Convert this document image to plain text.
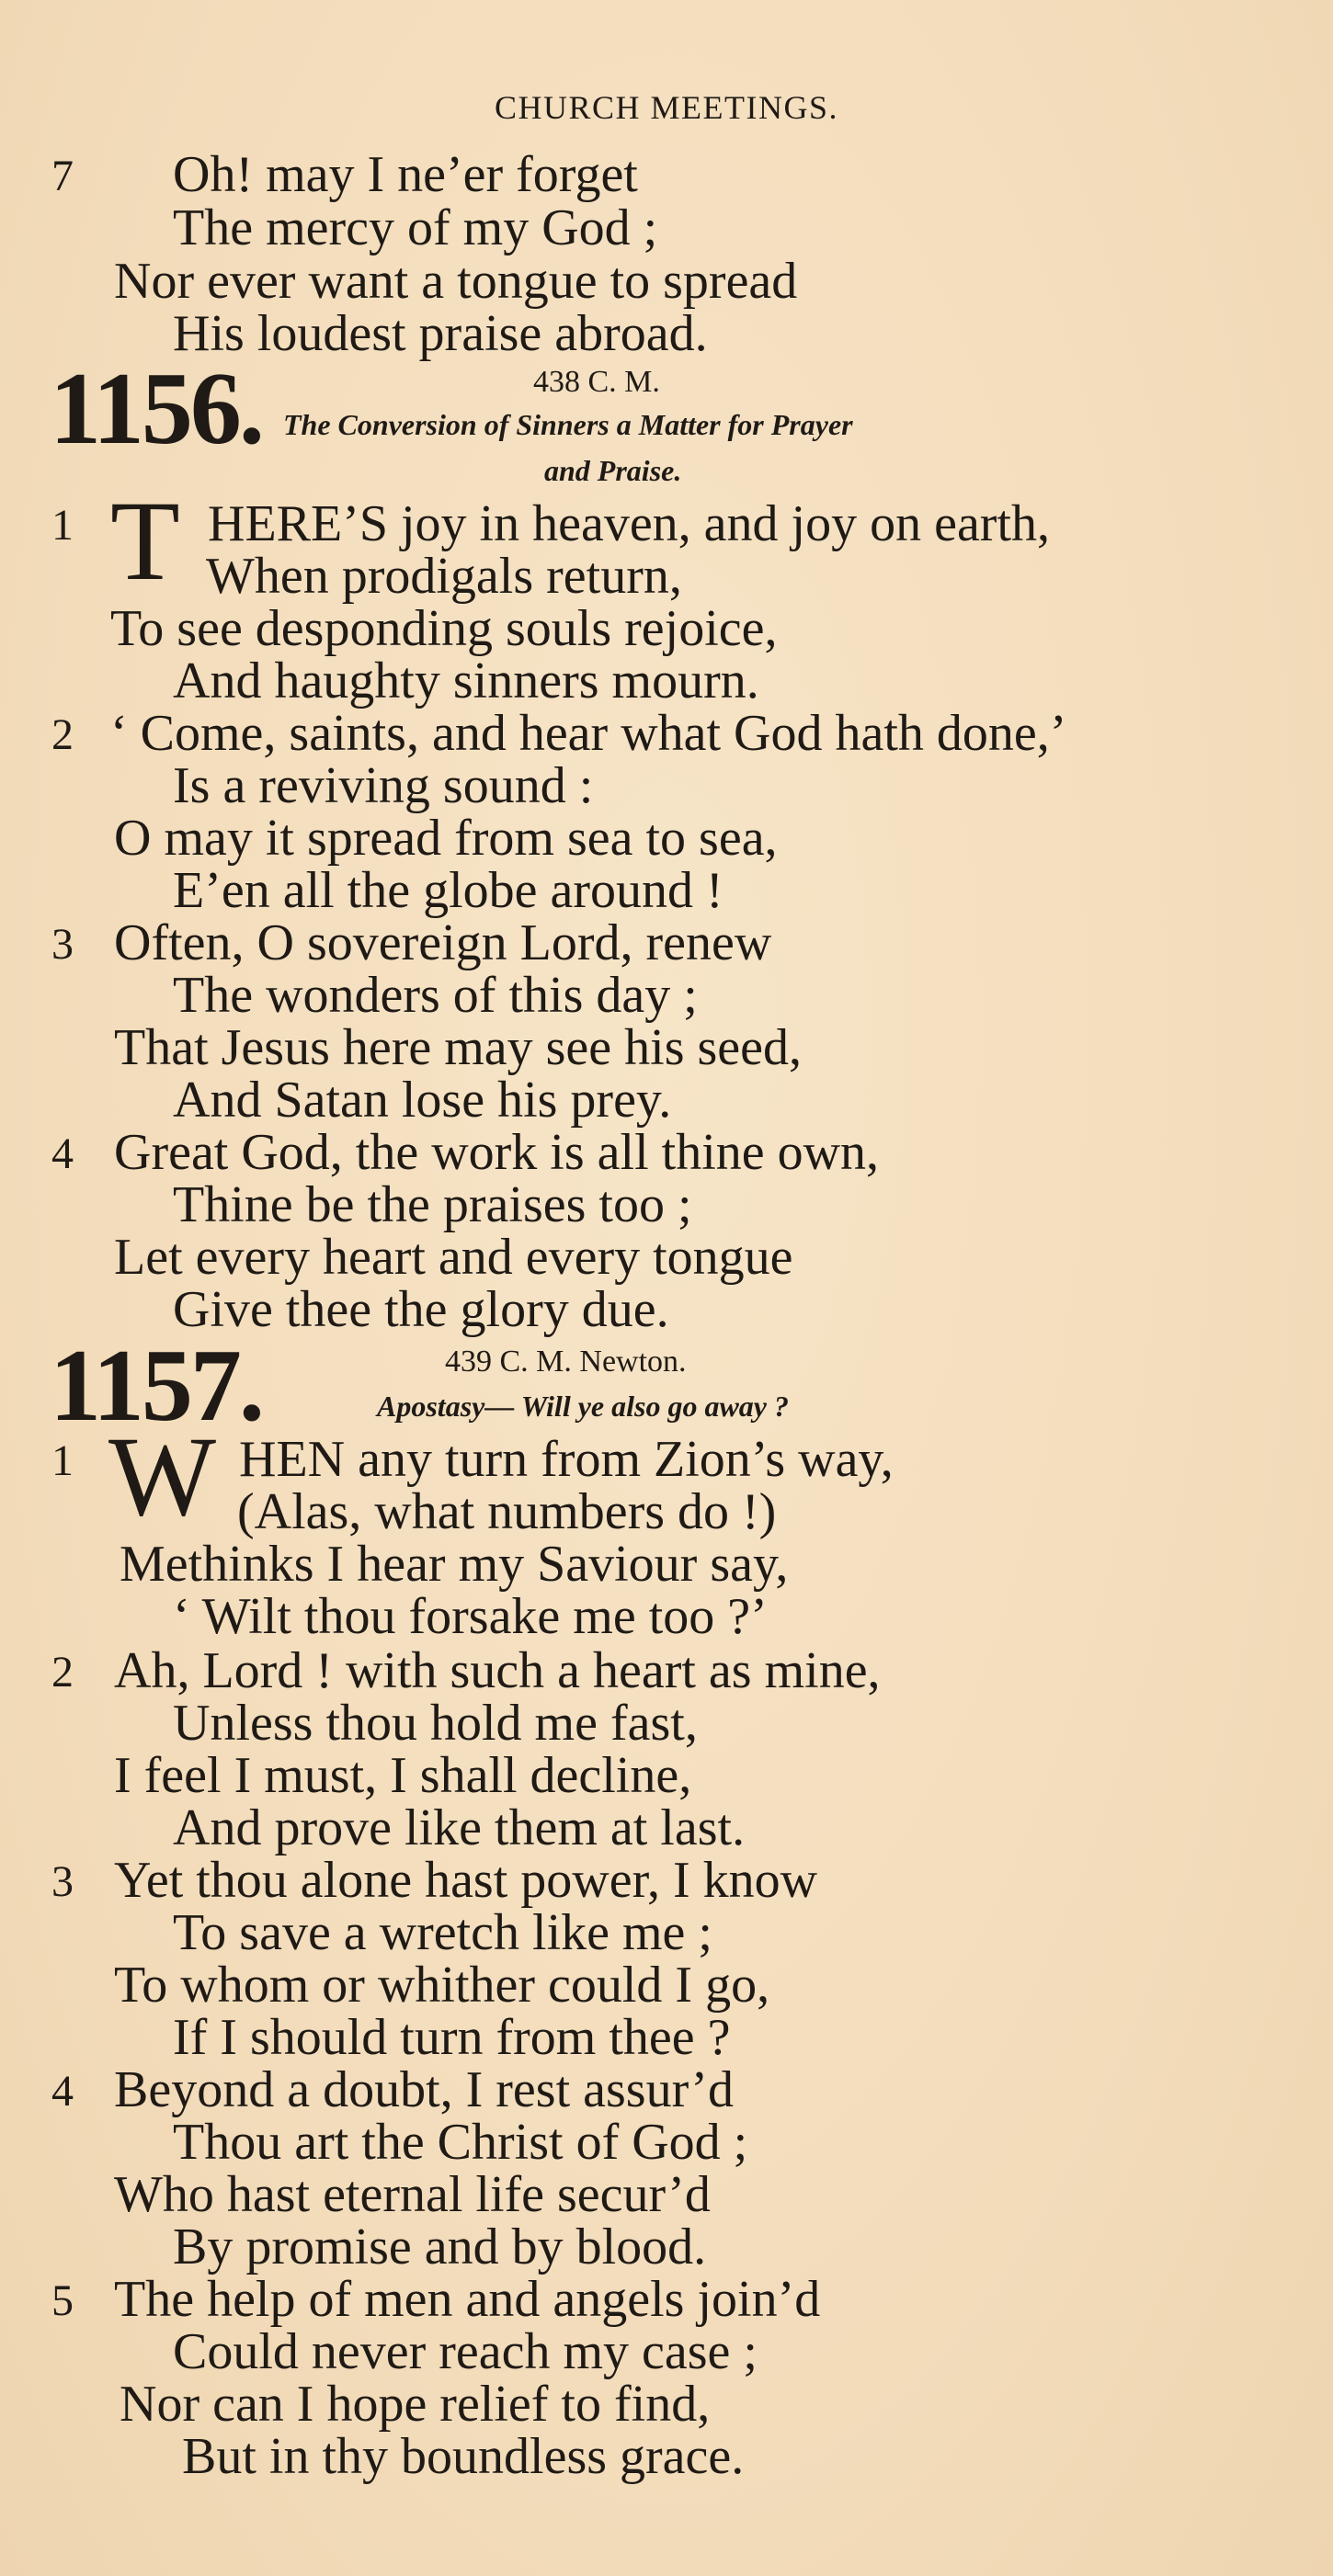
CHURCH MEETINGS.
7 Oh! may I ne’er forget
The mercy of my God ;
Nor ever want a tongue to spread
His loudest praise abroad.
1156.	438 C. M.
The Conversion of Sinners a Matter for Prayer
and Praise.
1 T HERE’S joy in heaven, and joy on earth,
When prodigals return,
To see desponding souls rejoice,
And haughty sinners mourn.
2 ‘ Come, saints, and hear what God hath done,’
Is a reviving sound :
O may it spread from sea to sea,
E’en all the globe around !
3 Often, O sovereign Lord, renew
The wonders of this day ;
That Jesus here may see his seed,
And Satan lose his prey.
4 Great God, the work is all thine own,
Thine be the praises too ;
Let every heart and every tongue
Give thee the glory due.
1157.	439 C. M. Newton.
Apostasy— Will ye also go away ?
1 W HEN any turn from Zion’s way,
(Alas, what numbers do !)
Methinks I hear my Saviour say,
‘ Wilt thou forsake me too ?’
2 Ah, Lord ! with such a heart as mine,
Unless thou hold me fast,
I feel I must, I shall decline,
And prove like them at last.
3 Yet thou alone hast power, I know
To save a wretch like me ;
To whom or whither could I go,
If I should turn from thee ?
4 Beyond a doubt, I rest assur’d
Thou art the Christ of God ;
Who hast eternal life secur’d
By promise and by blood.
5 The help of men and angels join’d
Could never reach my case ;
Nor can I hope relief to find,
But in thy boundless grace.
